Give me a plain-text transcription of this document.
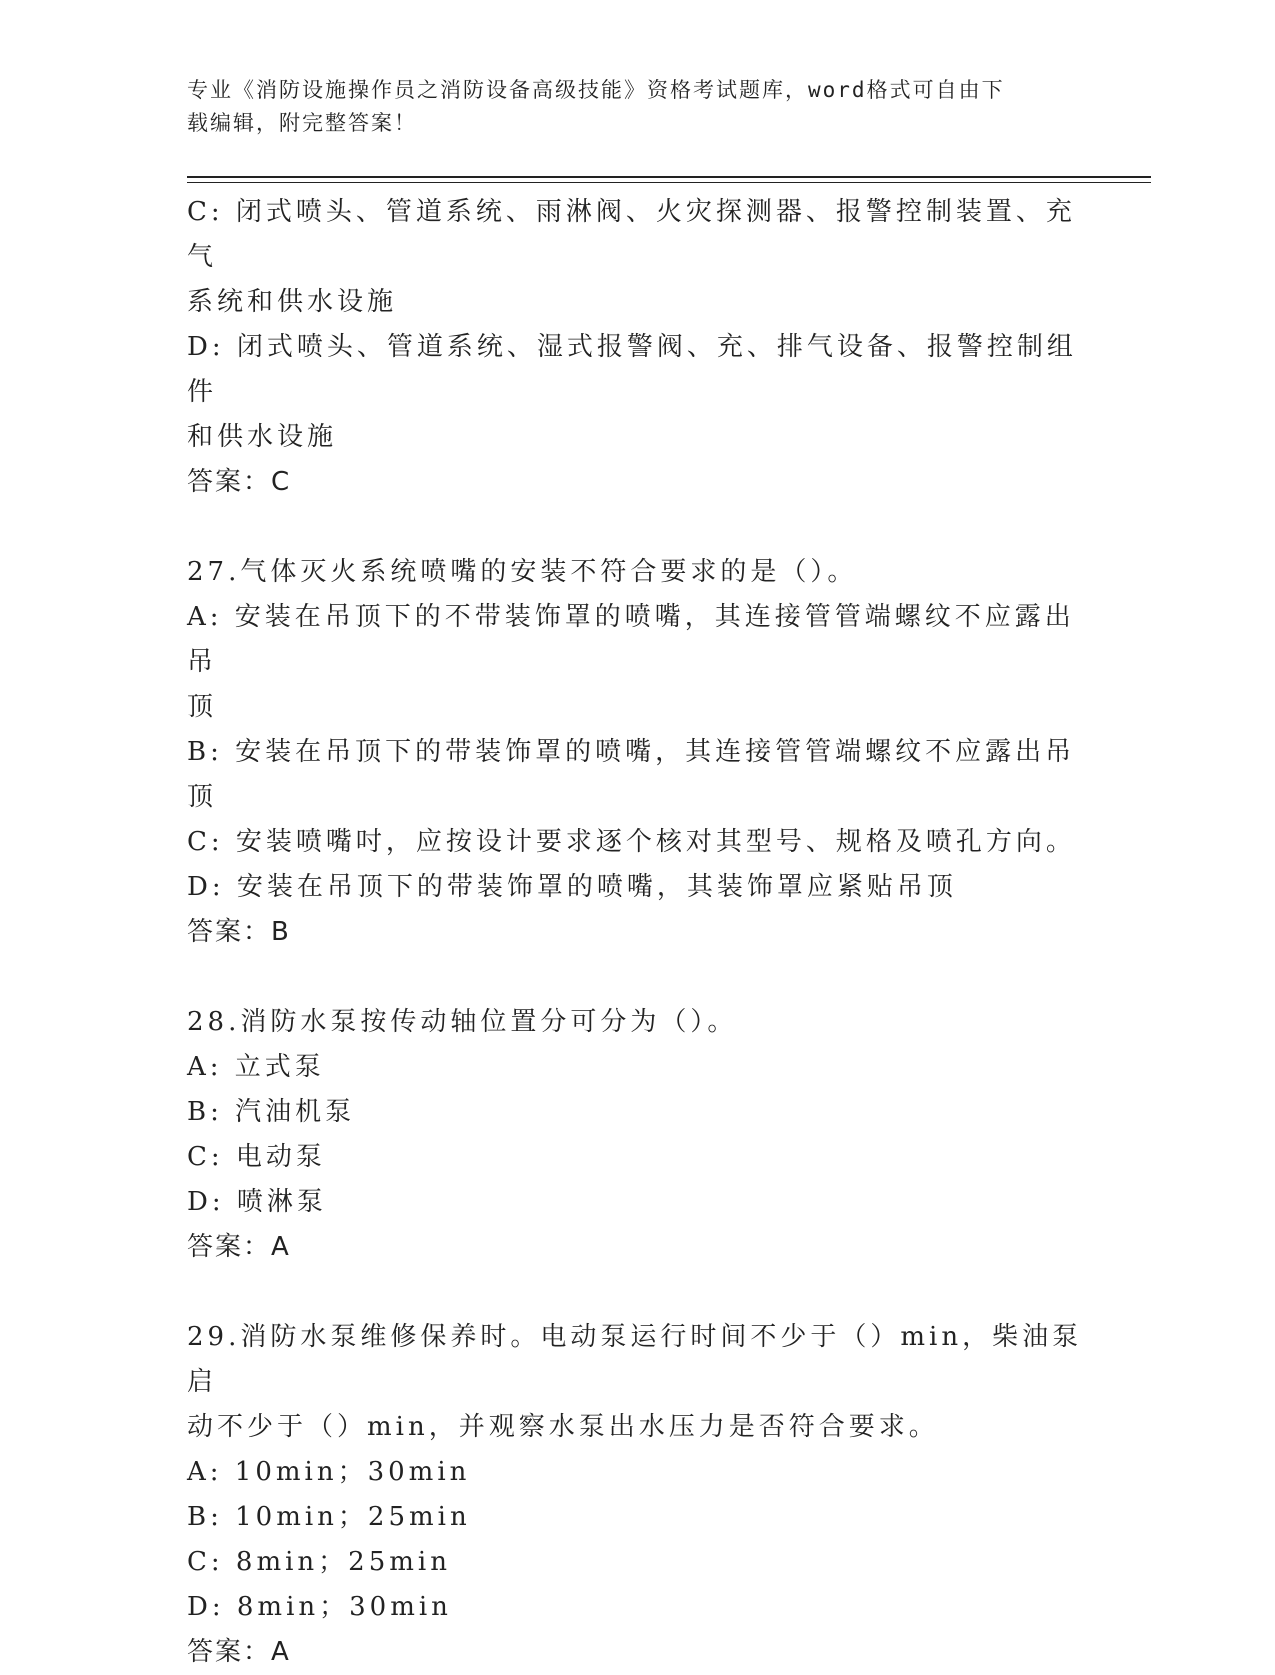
专业《消防设施操作员之消防设备高级技能》资格考试题库，word格式可自由下
载编辑，附完整答案！
C: 闭式喷头、管道系统、雨淋阀、火灾探测器、报警控制装置、充气
系统和供水设施
D: 闭式喷头、管道系统、湿式报警阀、充、排气设备、报警控制组件
和供水设施
答案：C
27.气体灭火系统喷嘴的安装不符合要求的是（）。
A: 安装在吊顶下的不带装饰罩的喷嘴，其连接管管端螺纹不应露出吊
顶
B: 安装在吊顶下的带装饰罩的喷嘴，其连接管管端螺纹不应露出吊顶
C: 安装喷嘴吋，应按设计要求逐个核对其型号、规格及喷孔方向。
D: 安装在吊顶下的带装饰罩的喷嘴，其装饰罩应紧贴吊顶
答案：B
28.消防水泵按传动轴位置分可分为（）。
A: 立式泵
B: 汽油机泵
C: 电动泵
D: 喷淋泵
答案：A
29.消防水泵维修保养时。电动泵运行时间不少于（）min，柴油泵启
动不少于（）min，并观察水泵出水压力是否符合要求。
A: 10min；30min
B: 10min；25min
C: 8min；25min
D: 8min；30min
答案：A
